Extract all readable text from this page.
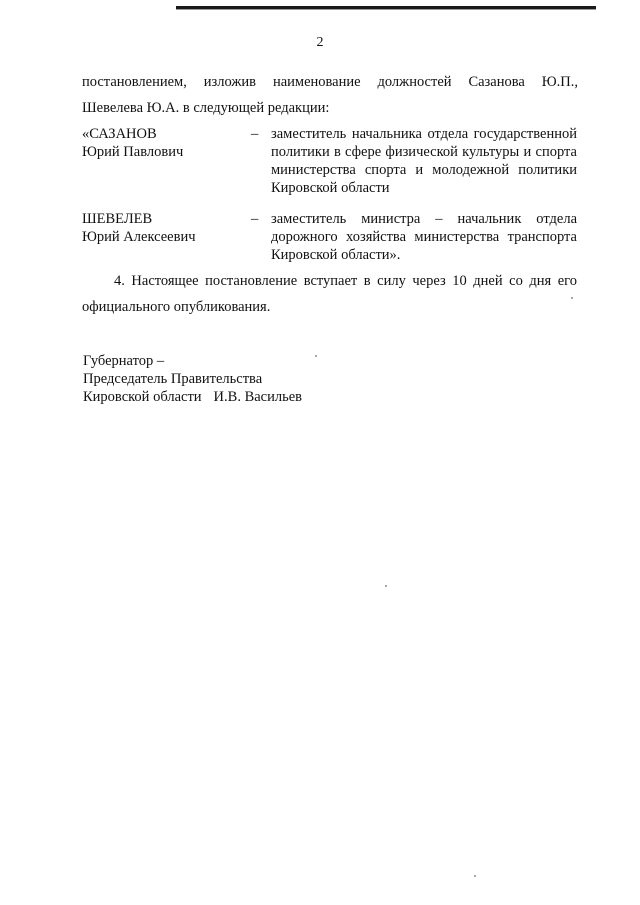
2
постановлением, изложив наименование должностей Сазанова Ю.П.,
Шевелева Ю.А. в следующей редакции:
«САЗАНОВ
Юрий Павлович
– заместитель начальника отдела государственной
политики в сфере физической культуры и спорта
министерства спорта и молодежной политики
Кировской области
ШЕВЕЛЕВ
Юрий Алексеевич
– заместитель министра – начальник отдела
дорожного хозяйства министерства транспорта
Кировской области».
4. Настоящее постановление вступает в силу через 10 дней со дня его
официального опубликования.
Губернатор –
Председатель Правительства
Кировской области И.В. Васильев
